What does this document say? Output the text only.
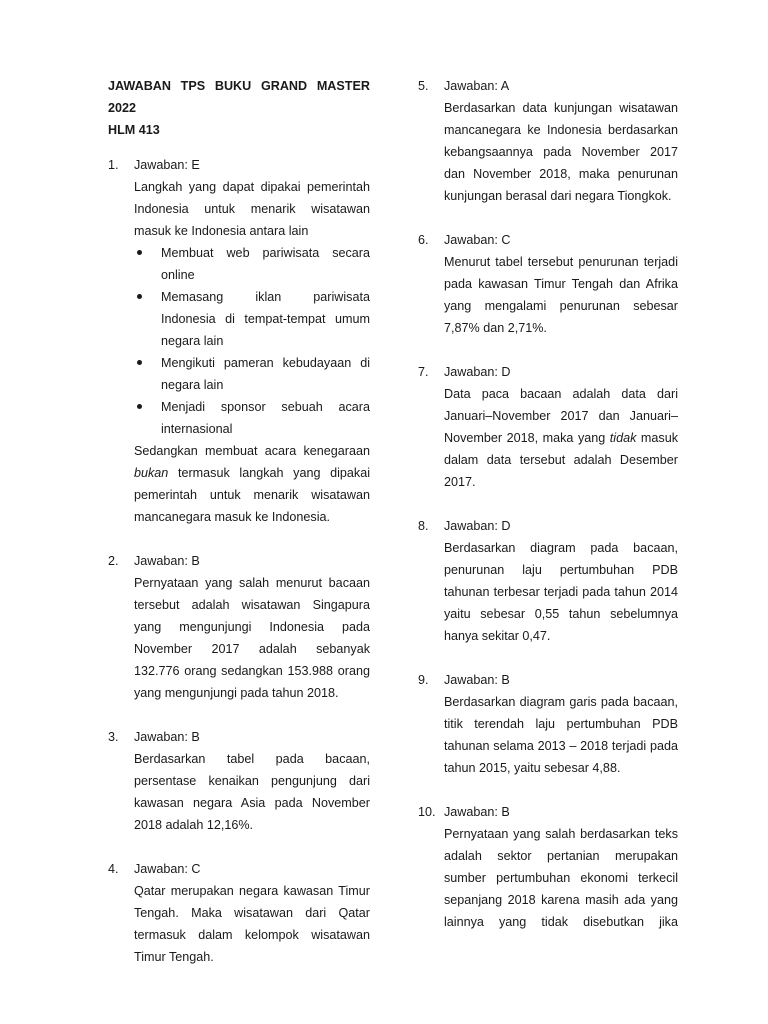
JAWABAN TPS BUKU GRAND MASTER 2022
HLM 413
1. Jawaban: E
Langkah yang dapat dipakai pemerintah Indonesia untuk menarik wisatawan masuk ke Indonesia antara lain
Membuat web pariwisata secara online
Memasang iklan pariwisata Indonesia di tempat-tempat umum negara lain
Mengikuti pameran kebudayaan di negara lain
Menjadi sponsor sebuah acara internasional
Sedangkan membuat acara kenegaraan bukan termasuk langkah yang dipakai pemerintah untuk menarik wisatawan mancanegara masuk ke Indonesia.
2. Jawaban: B
Pernyataan yang salah menurut bacaan tersebut adalah wisatawan Singapura yang mengunjungi Indonesia pada November 2017 adalah sebanyak 132.776 orang sedangkan 153.988 orang yang mengunjungi pada tahun 2018.
3. Jawaban: B
Berdasarkan tabel pada bacaan, persentase kenaikan pengunjung dari kawasan negara Asia pada November 2018 adalah 12,16%.
4. Jawaban: C
Qatar merupakan negara kawasan Timur Tengah. Maka wisatawan dari Qatar termasuk dalam kelompok wisatawan Timur Tengah.
5. Jawaban: A
Berdasarkan data kunjungan wisatawan mancanegara ke Indonesia berdasarkan kebangsaannya pada November 2017 dan November 2018, maka penurunan kunjungan berasal dari negara Tiongkok.
6. Jawaban: C
Menurut tabel tersebut penurunan terjadi pada kawasan Timur Tengah dan Afrika yang mengalami penurunan sebesar 7,87% dan 2,71%.
7. Jawaban: D
Data paca bacaan adalah data dari Januari–November 2017 dan Januari–November 2018, maka yang tidak masuk dalam data tersebut adalah Desember 2017.
8. Jawaban: D
Berdasarkan diagram pada bacaan, penurunan laju pertumbuhan PDB tahunan terbesar terjadi pada tahun 2014 yaitu sebesar 0,55 tahun sebelumnya hanya sekitar 0,47.
9. Jawaban: B
Berdasarkan diagram garis pada bacaan, titik terendah laju pertumbuhan PDB tahunan selama 2013 – 2018 terjadi pada tahun 2015, yaitu sebesar 4,88.
10. Jawaban: B
Pernyataan yang salah berdasarkan teks adalah sektor pertanian merupakan sumber pertumbuhan ekonomi terkecil sepanjang 2018 karena masih ada yang lainnya yang tidak disebutkan jika
